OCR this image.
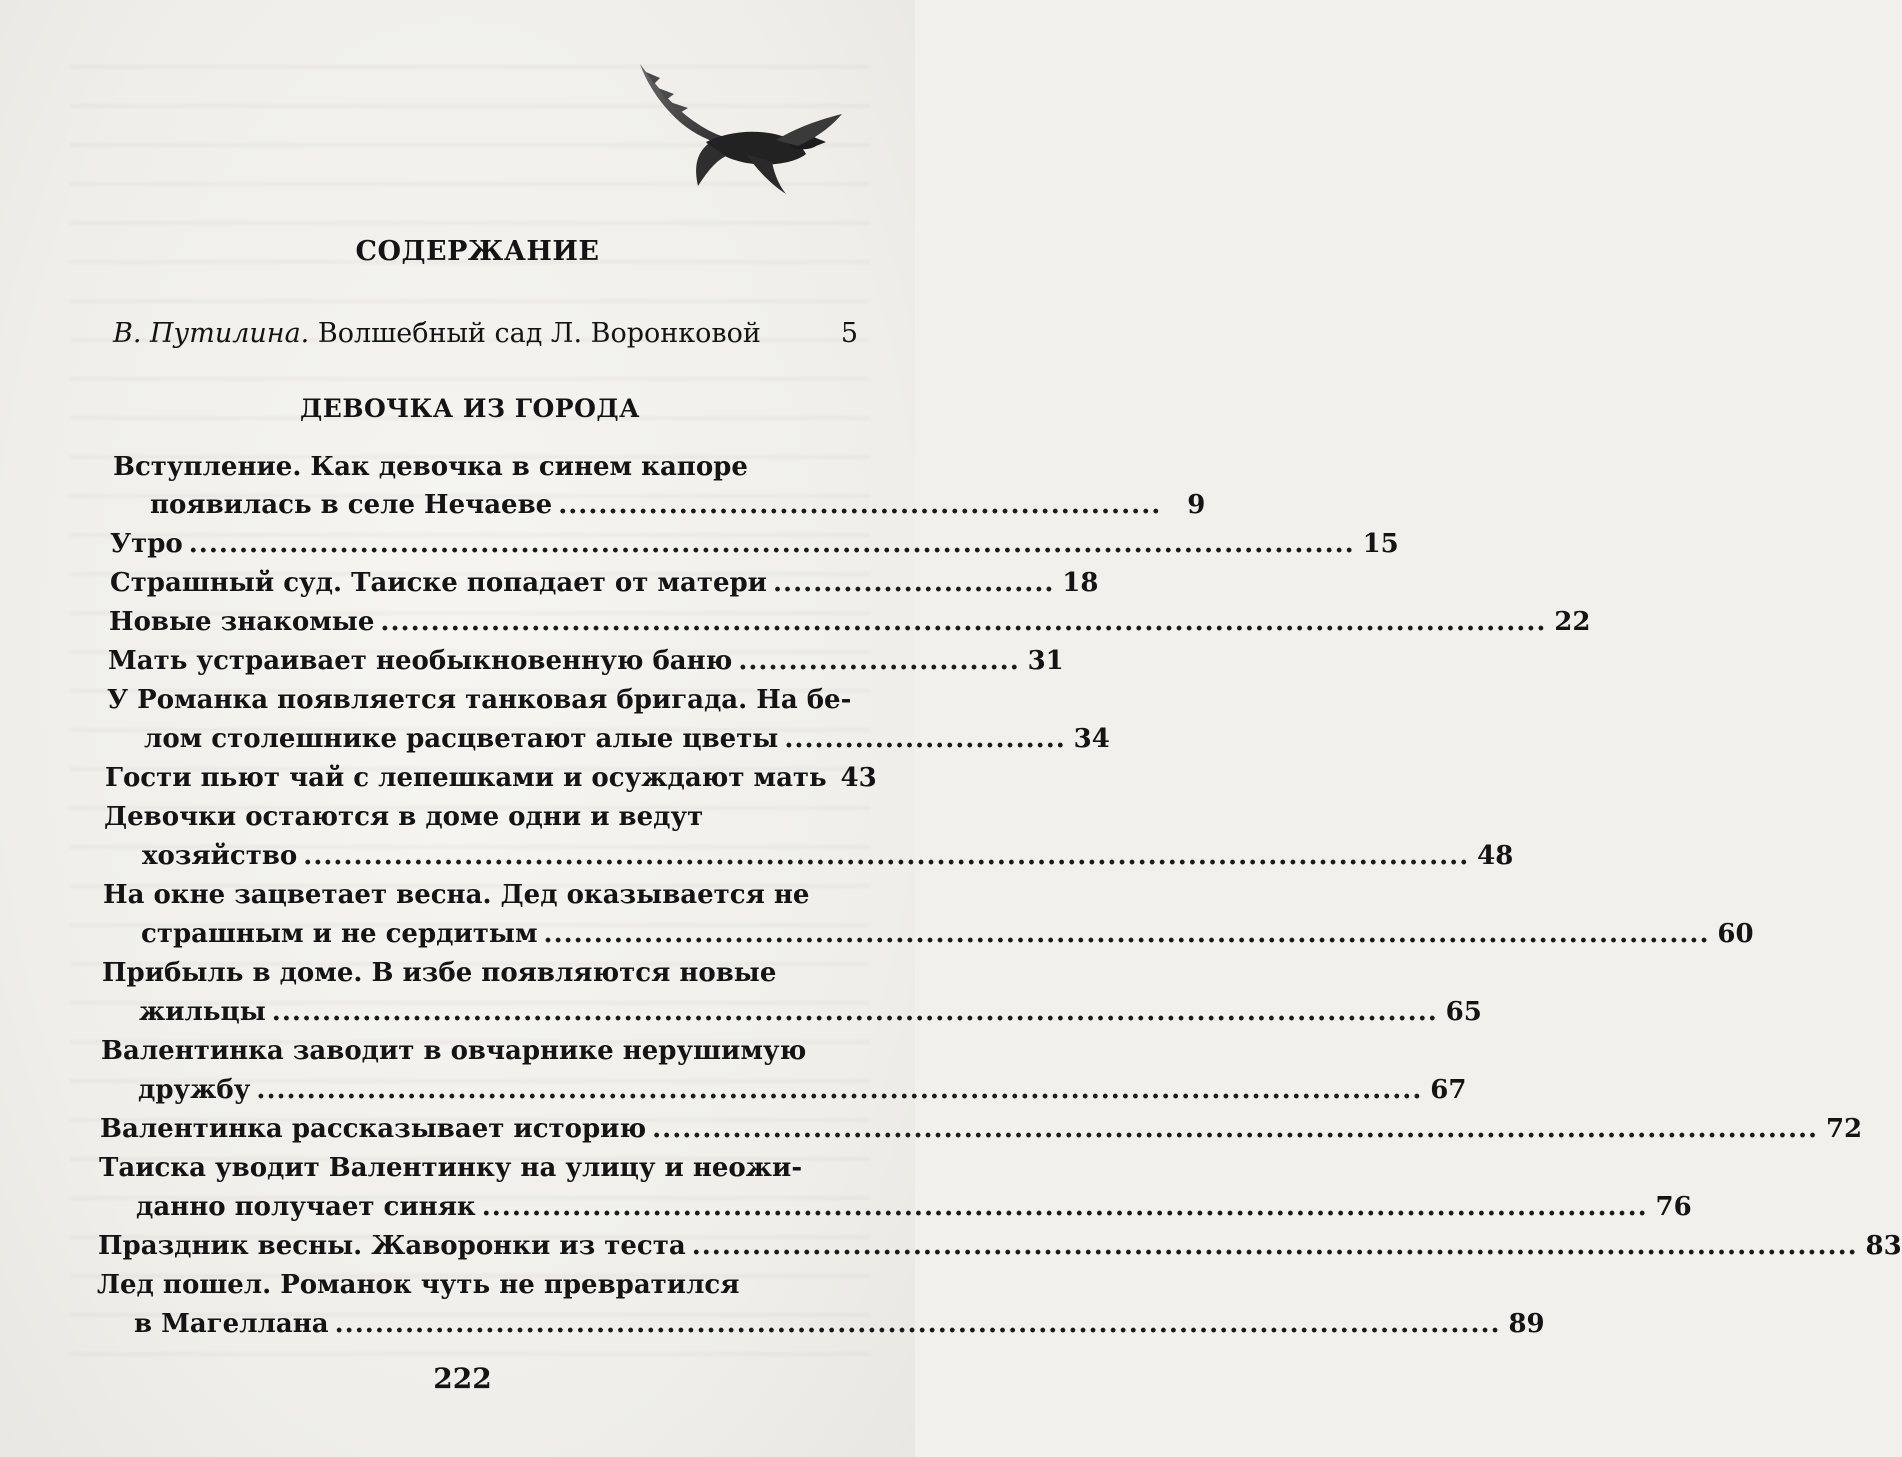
СОДЕРЖАНИЕ
В. Путилина. Волшебный сад Л. Воронковой	5
ДЕВОЧКА ИЗ ГОРОДА
Вступление. Как девочка в синем капоре
появилась в селе Нечаеве ............................................................ 9
Утро .................................................................................................................... 15
Страшный суд. Таиске попадает от матери ............................ 18
Новые знакомые .................................................................................................................... 22
Мать устраивает необыкновенную баню ............................ 31
У Романка появляется танковая бригада. На бе-
лом столешнике расцветают алые цветы ............................ 34
Гости пьют чай с лепешками и осуждают мать 43
Девочки остаются в доме одни и ведут
хозяйство .................................................................................................................... 48
На окне зацветает весна. Дед оказывается не
страшным и не сердитым .................................................................................................................... 60
Прибыль в доме. В избе появляются новые
жильцы .................................................................................................................... 65
Валентинка заводит в овчарнике нерушимую
дружбу .................................................................................................................... 67
Валентинка рассказывает историю .................................................................................................................... 72
Таиска уводит Валентинку на улицу и неожи-
данно получает синяк .................................................................................................................... 76
Праздник весны. Жаворонки из теста .................................................................................................................... 83
Лед пошел. Романок чуть не превратился
в Магеллана .................................................................................................................... 89
222
